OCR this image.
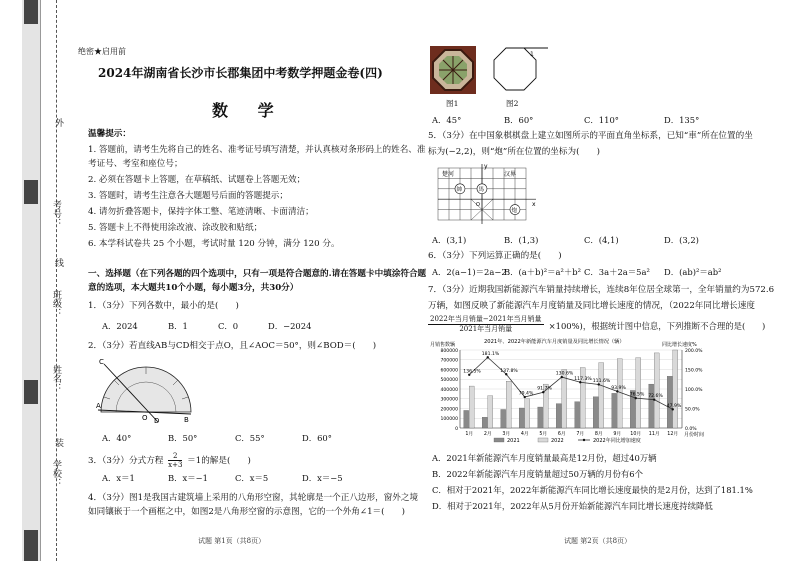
外
线
装
学校：
姓名：
班级：
考号：
绝密★启用前
2024年湖南省长沙市长郡集团中考数学押题金卷(四)
数 学
温馨提示：
1. 答题前，请考生先将自己的姓名、准考证号填写清楚，并认真核对条形码上的姓名、准
考证号、考室和座位号；
2. 必须在答题卡上答题，在草稿纸、试题卷上答题无效；
3. 答题时，请考生注意各大题题号后面的答题提示；
4. 请勿折叠答题卡，保持字体工整、笔迹清晰、卡面清洁；
5. 答题卡上不得使用涂改液、涂改胶和贴纸；
6. 本学科试卷共 25 个小题，考试时量 120 分钟，满分 120 分。
一、选择题（在下列各题的四个选项中，只有一项是符合题意的.请在答题卡中填涂符合题
意的选项，本大题共10个小题，每小题3分，共30分）
1．（3分）下列各数中，最小的是(　　)
A．2024	B．1	C．0	D．−2024
2．（3分）若直线AB与CD相交于点O，且∠AOC＝50°，则∠BOD＝(　　)
A
B
C
D
O
A．40°	B．50°	C．55°	D．60°
3．（3分）分式方程 $\frac{2}{x+3} =1$的解是(　　)
A．x＝1	B．x＝−1	C．x＝5	D．x＝−5
4．（3分）图1是我国古建筑墙上采用的八角形空窗，其轮廓是一个正八边形，窗外之境
如同镶嵌于一个画框之中，如图2是八角形空窗的示意图，它的一个外角∠1＝(　　)
试题 第1页（共8页）
图1
1
图2
A．45°	B．60°	C．110°	D．135°
5．（3分）在中国象棋棋盘上建立如图所示的平面直角坐标系，已知“車”所在位置的坐
标为(−2,2)，则“炮”所在位置的坐标为(　　)
楚河	汉界
帥	馬
炮
x
y
O
A．(3,1)	B．(1,3)	C．(4,1)	D．(3,2)
6．（3分）下列运算正确的是(　　)
A．2(a−1)＝2a−2
B．(a＋b)²＝a²＋b² C．3a＋2a＝5a² D．(ab)²＝ab²
7．（3分）近期我国新能源汽车销量持续增长，连续8年位居全球第一，全年销量约为572.6
万辆，如图反映了新能源汽车月度销量及同比增长速度的情况，（2022年同比增长速度
2022年当月销量−2021年当月销量
2021年当月销量	×100%)，根据统计图中信息，下列推断不合理的是(　　)
2021年、2022年新能源汽车月度销量及同比增长情况（辆）
月销售数辆	同比增长速度%
月份时间
0
100000
200000
300000
400000
500000
600000
700000
800000
0.0%
50.0%
100.0%
150.0%
200.0%
1月 2月 3月 4月 5月 6月 7月 8月 9月 10月 11月 12月
136.5%
181.1%
137.8%
79.4%
91.7%
130.6%
117.3% 111.6%
93.9%
76.5% 72.6%
47.9%
2021	2022	2022年同比增加速度
A．2021年新能源汽车月度销量最高是12月份，超过40万辆
B．2022年新能源汽车月度销量超过50万辆的月份有6个
C．相对于2021年，2022年新能源汽车同比增长速度最快的是2月份，达到了181.1%
D．相对于2021年，2022年从5月份开始新能源汽车同比增长速度持续降低
试题 第2页（共8页）
